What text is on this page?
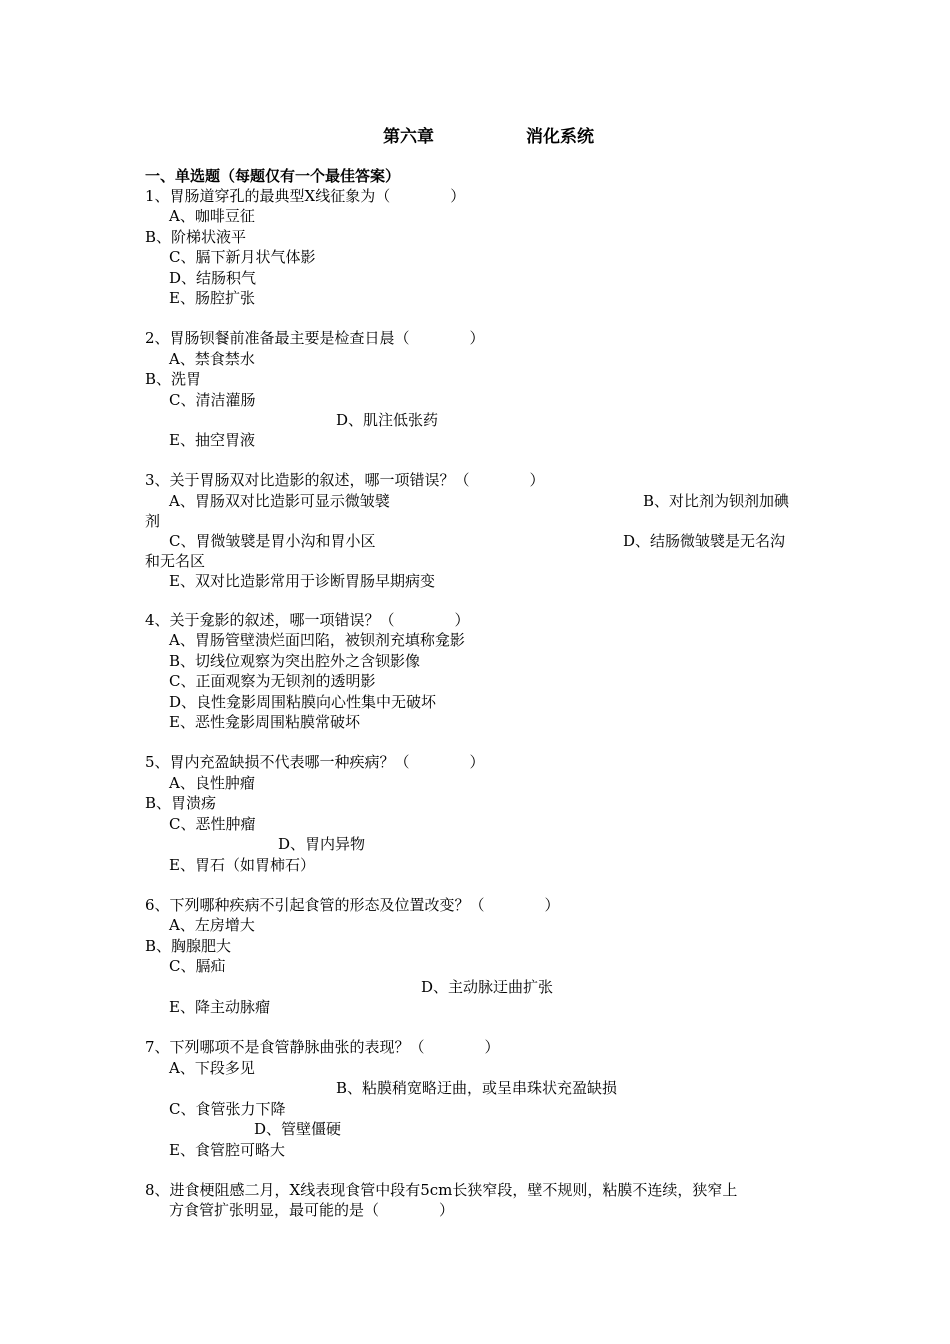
第六章	消化系统
一、单选题（每题仅有一个最佳答案）
1、胃肠道穿孔的最典型X线征象为（　　　　）
A、咖啡豆征
B、阶梯状液平
C、膈下新月状气体影
D、结肠积气
E、肠腔扩张
2、胃肠钡餐前准备最主要是检查日晨（　　　　）
A、禁食禁水
B、洗胃
C、清洁灌肠
D、肌注低张药
E、抽空胃液
3、关于胃肠双对比造影的叙述，哪一项错误？（　　　　）
A、胃肠双对比造影可显示微皱襞	B、对比剂为钡剂加碘
剂
C、胃微皱襞是胃小沟和胃小区	D、结肠微皱襞是无名沟
和无名区
E、双对比造影常用于诊断胃肠早期病变
4、关于龛影的叙述，哪一项错误？（　　　　）
A、胃肠管壁溃烂面凹陷，被钡剂充填称龛影
B、切线位观察为突出腔外之含钡影像
C、正面观察为无钡剂的透明影
D、良性龛影周围粘膜向心性集中无破坏
E、恶性龛影周围粘膜常破坏
5、胃内充盈缺损不代表哪一种疾病？（　　　　）
A、良性肿瘤
B、胃溃疡
C、恶性肿瘤
D、胃内异物
E、胃石（如胃柿石）
6、下列哪种疾病不引起食管的形态及位置改变？（　　　　）
A、左房增大
B、胸腺肥大
C、膈疝
D、主动脉迂曲扩张
E、降主动脉瘤
7、下列哪项不是食管静脉曲张的表现？（　　　　）
A、下段多见
B、粘膜稍宽略迂曲，或呈串珠状充盈缺损
C、食管张力下降
D、管壁僵硬
E、食管腔可略大
8、进食梗阻感二月，X线表现食管中段有5cm长狭窄段，壁不规则，粘膜不连续，狭窄上
方食管扩张明显，最可能的是（　　　　）
